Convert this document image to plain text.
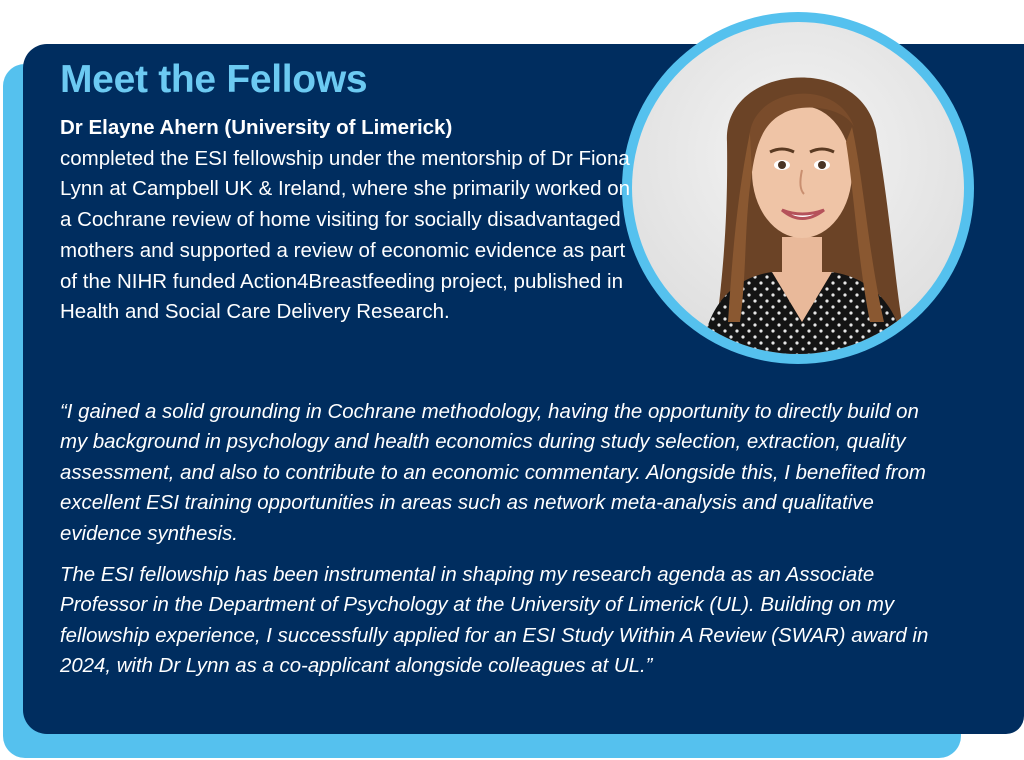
Meet the Fellows

Dr Elayne Ahern (University of Limerick)
completed the ESI fellowship under the mentorship of Dr Fiona Lynn at Campbell UK & Ireland, where she primarily worked on a Cochrane review of home visiting for socially disadvantaged mothers and supported a review of economic evidence as part of the NIHR funded Action4Breastfeeding project, published in Health and Social Care Delivery Research.

“I gained a solid grounding in Cochrane methodology, having the opportunity to directly build on my background in psychology and health economics during study selection, extraction, quality assessment, and also to contribute to an economic commentary. Alongside this, I benefited from excellent ESI training opportunities in areas such as network meta-analysis and qualitative evidence synthesis.

The ESI fellowship has been instrumental in shaping my research agenda as an Associate Professor in the Department of Psychology at the University of Limerick (UL). Building on my fellowship experience, I successfully applied for an ESI Study Within A Review (SWAR) award in 2024, with Dr Lynn as a co-applicant alongside colleagues at UL.”
